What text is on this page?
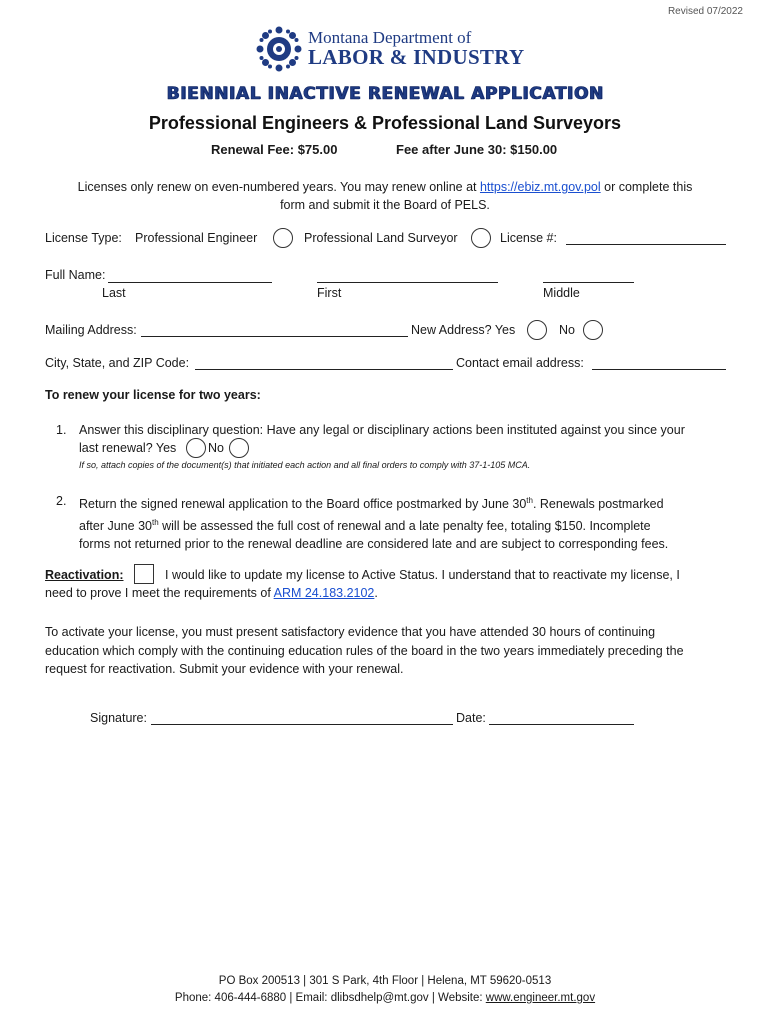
Revised 07/2022
Montana Department of
LABOR & INDUSTRY
BIENNIAL INACTIVE RENEWAL APPLICATION
Professional Engineers & Professional Land Surveyors
Renewal Fee: $75.00	Fee after June 30: $150.00
Licenses only renew on even-numbered years. You may renew online at https://ebiz.mt.gov.pol or complete this
form and submit it the Board of PELS.
License Type: Professional Engineer	Professional Land Surveyor	License #:
Full Name:
Last	First	Middle
Mailing Address:	New Address? Yes	No
City, State, and ZIP Code:	Contact email address:
To renew your license for two years:
1. Answer this disciplinary question: Have any legal or disciplinary actions been instituted against you since your
last renewal? Yes	No
If so, attach copies of the document(s) that initiated each action and all final orders to comply with 37-1-105 MCA.
2. Return the signed renewal application to the Board office postmarked by June 30th. Renewals postmarked
after June 30th will be assessed the full cost of renewal and a late penalty fee, totaling $150. Incomplete
forms not returned prior to the renewal deadline are considered late and are subject to corresponding fees.
Reactivation:	I would like to update my license to Active Status. I understand that to reactivate my license, I
need to prove I meet the requirements of ARM 24.183.2102.
To activate your license, you must present satisfactory evidence that you have attended 30 hours of continuing
education which comply with the continuing education rules of the board in the two years immediately preceding the
request for reactivation. Submit your evidence with your renewal.
Signature:	Date:
PO Box 200513 | 301 S Park, 4th Floor | Helena, MT 59620-0513
Phone: 406-444-6880 | Email: dlibsdhelp@mt.gov | Website: www.engineer.mt.gov
